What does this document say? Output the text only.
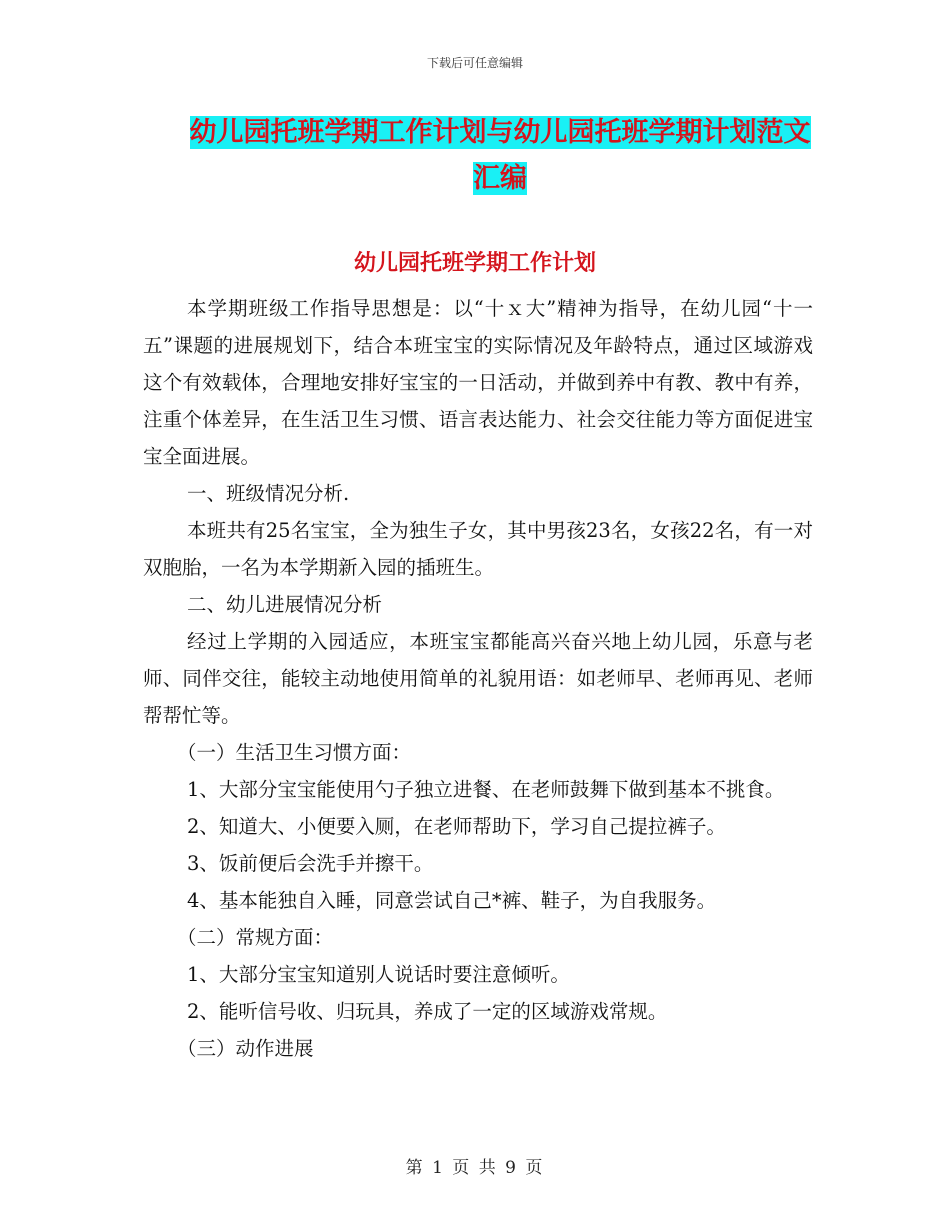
下载后可任意编辑
幼儿园托班学期工作计划与幼儿园托班学期计划范文
汇编
幼儿园托班学期工作计划

本学期班级工作指导思想是：以“十ｘ大”精神为指导，在幼儿园“十一五”课题的进展规划下，结合本班宝宝的实际情况及年龄特点，通过区域游戏这个有效载体，合理地安排好宝宝的一日活动，并做到养中有教、教中有养，注重个体差异，在生活卫生习惯、语言表达能力、社会交往能力等方面促进宝宝全面进展。

一、班级情况分析.

本班共有25名宝宝，全为独生子女，其中男孩23名，女孩22名，有一对双胞胎，一名为本学期新入园的插班生。

二、幼儿进展情况分析

经过上学期的入园适应，本班宝宝都能高兴奋兴地上幼儿园，乐意与老师、同伴交往，能较主动地使用简单的礼貌用语：如老师早、老师再见、老师帮帮忙等。

（一）生活卫生习惯方面：

1、大部分宝宝能使用勺子独立进餐、在老师鼓舞下做到基本不挑食。

2、知道大、小便要入厕，在老师帮助下，学习自己提拉裤子。

3、饭前便后会洗手并擦干。

4、基本能独自入睡，同意尝试自己*裤、鞋子，为自我服务。

（二）常规方面：

1、大部分宝宝知道别人说话时要注意倾听。

2、能听信号收、归玩具，养成了一定的区域游戏常规。

（三）动作进展

第 1 页 共 9 页
